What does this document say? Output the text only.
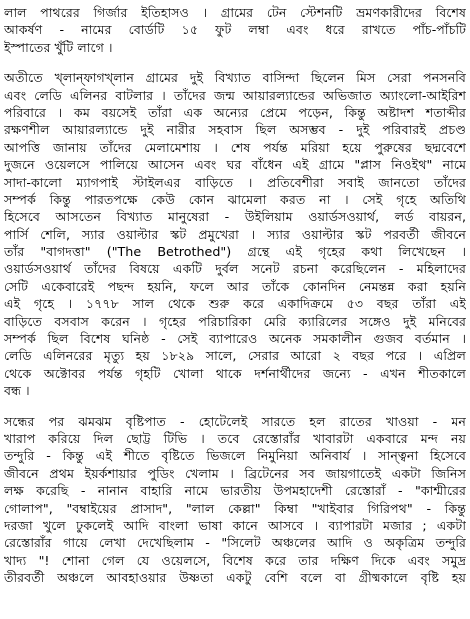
লাল পাথরের গির্জার ইতিহাসও । গ্রামের টেন স্টেশনটি ভ্রমণকারীদের বিশেষ
আকর্ষণ - নামের বোর্ডটি ১৫ ফুট লম্বা এবং ধরে রাখতে পাঁচ-পাঁচটি
ইস্পাতের খুঁটি লাগে ।
অতীতে খ্লান্ফাগখ্লান গ্রামের দুই বিখ্যাত বাসিন্দা ছিলেন মিস সেরা পনসনবি
এবং লেডি এলিনর বাটলার । তাঁদের জন্ম আয়ারল্যান্ডের অভিজাত অ্যাংলো-আইরিশ
পরিবারে । কম বয়সেই তাঁরা এক অন্যের প্রেমে পড়েন, কিন্তু অষ্টাদশ শতাব্দীর
রক্ষণশীল আয়ারল্যান্ডে দুই নারীর সহবাস ছিল অসম্ভব - দুই পরিবারই প্রচণ্ড
আপত্তি জানায় তাঁদের মেলামেশায় । শেষ পর্যন্ত মরিয়া হয়ে পুরুষের ছদ্মবেশে
দুজনে ওয়েলসে পালিয়ে আসেন এবং ঘর বাঁধেন এই গ্রামে "প্লাস নিওইথ" নামে
সাদা-কালো ম্যাগপাই স্টাইলএর বাড়িতে । প্রতিবেশীরা সবাই জানতো তাঁদের
সম্পর্ক কিন্তু পারতপক্ষে কেউ কোন ঝামেলা করত না । সেই গৃহে অতিথি
হিসেবে আসতেন বিখ্যাত মানুষেরা - উইলিয়াম ওয়ার্ডসওয়ার্থ, লর্ড বায়রন,
পার্সি শেলি, স্যার ওয়াল্টার স্কট প্রমুখেরা । স্যার ওয়াল্টার স্কট পরবর্তী জীবনে
তাঁর "বাগদত্তা" ("The Betrothed") গ্রন্থে এই গৃহের কথা লিখেছেন ।
ওয়ার্ডসওয়ার্থ তাঁদের বিষয়ে একটি দুর্বল সনেট রচনা করেছিলেন - মহিলাদের
সেটি একেবারেই পছন্দ হয়নি, ফলে আর তাঁকে কোনদিন নেমন্তন্ন করা হয়নি
এই গৃহে । ১৭৭৮ সাল থেকে শুরু করে একাদিক্রমে ৫৩ বছর তাঁরা এই
বাড়িতে বসবাস করেন । গৃহের পরিচারিকা মেরি ক্যারিলের সঙ্গেও দুই মনিবের
সম্পর্ক ছিল বিশেষ ঘনিষ্ঠ - সেই ব্যাপারেও অনেক সমকালীন গুজব বর্তমান ।
লেডি এলিনরের মৃত্যু হয় ১৮২৯ সালে, সেরার আরো ২ বছর পরে । এপ্রিল
থেকে অক্টোবর পর্যন্ত গৃহটি খোলা থাকে দর্শনার্থীদের জন্যে - এখন শীতকালে
বন্ধ ।
সন্ধের পর ঝমঝম বৃষ্টিপাত - হোটেলেই সারতে হল রাতের খাওয়া - মন
খারাপ করিয়ে দিল ছোট্ট টিভি । তবে রেস্তোরাঁর খাবারটা একবারে মন্দ নয়
তন্দুরি - কিন্তু এই শীতে বৃষ্টিতে ভিজলে নিমুনিয়া অনিবার্য । সান্ত্বনা হিসেবে
জীবনে প্রথম ইয়র্কশায়ার পুডিং খেলাম । ব্রিটেনের সব জায়গাতেই একটা জিনিস
লক্ষ করেছি - নানান বাহারি নামে ভারতীয় উপমহাদেশী রেস্তোরাঁ - "কাশ্মীরের
গোলাপ", "বম্বাইয়ের প্রাসাদ", "লাল কেল্লা" কিম্বা "খাইবার গিরিপথ" - কিন্তু
দরজা খুলে ঢুকলেই আদি বাংলা ভাষা কানে আসবে । ব্যাপারটা মজার ; একটা
রেস্তোরাঁর গায়ে লেখা দেখেছিলাম - "সিলেট অঞ্চলের আদি ও অকৃত্রিম তন্দুরি
খাদ্য "! শোনা গেল যে ওয়েলসে, বিশেষ করে তার দক্ষিণ দিকে এবং সমুদ্র
তীরবর্তী অঞ্চলে আবহাওয়ার উষ্ণতা একটু বেশি বলে বা গ্রীষ্মকালে বৃষ্টি হয়
